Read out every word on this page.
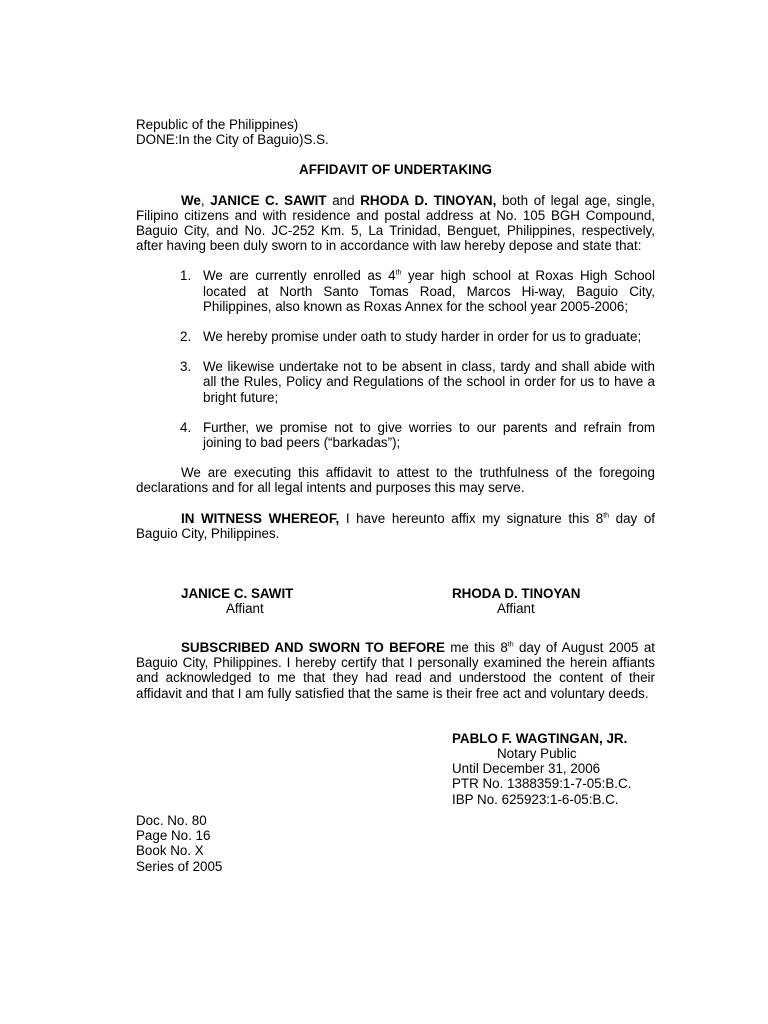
Republic of the Philippines)
DONE:In the City of Baguio)S.S.

AFFIDAVIT OF UNDERTAKING

We, JANICE C. SAWIT and RHODA D. TINOYAN, both of legal age, single, Filipino citizens and with residence and postal address at No. 105 BGH Compound, Baguio City, and No. JC-252 Km. 5, La Trinidad, Benguet, Philippines, respectively, after having been duly sworn to in accordance with law hereby depose and state that:

1. We are currently enrolled as 4th year high school at Roxas High School located at North Santo Tomas Road, Marcos Hi-way, Baguio City, Philippines, also known as Roxas Annex for the school year 2005-2006;
2. We hereby promise under oath to study harder in order for us to graduate;
3. We likewise undertake not to be absent in class, tardy and shall abide with all the Rules, Policy and Regulations of the school in order for us to have a bright future;
4. Further, we promise not to give worries to our parents and refrain from joining to bad peers (“barkadas”);

We are executing this affidavit to attest to the truthfulness of the foregoing declarations and for all legal intents and purposes this may serve.

IN WITNESS WHEREOF, I have hereunto affix my signature this 8th day of Baguio City, Philippines.

JANICE C. SAWIT
Affiant
RHODA D. TINOYAN
Affiant

SUBSCRIBED AND SWORN TO BEFORE me this 8th day of August 2005 at Baguio City, Philippines. I hereby certify that I personally examined the herein affiants and acknowledged to me that they had read and understood the content of their affidavit and that I am fully satisfied that the same is their free act and voluntary deeds.

PABLO F. WAGTINGAN, JR.
Notary Public
Until December 31, 2006
PTR No. 1388359:1-7-05:B.C.
IBP No. 625923:1-6-05:B.C.
Doc. No. 80
Page No. 16
Book No. X
Series of 2005
